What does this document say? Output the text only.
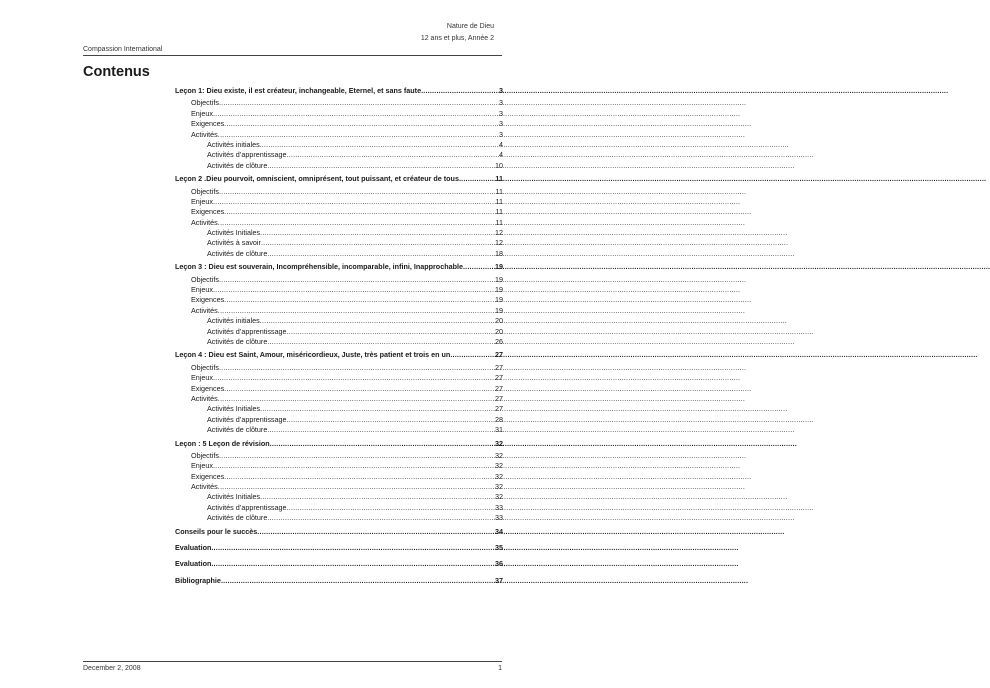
Nature de Dieu
12 ans et plus, Année 2
Compassion International
Contenus
Leçon 1: Dieu existe, il est créateur, inchangeable, Eternel, et sans faute .....	3
Objectifs .....	3
Enjeux .....	3
Exigences .....	3
Activités .....	3
Activités initiales. .....	4
Activités d’apprentissage .....	4
Activités de clôture .....	10
Leçon 2 .Dieu pourvoit, omniscient, omniprésent, tout puissant, et créateur de tous .....	11
Objectifs .....	11
Enjeux .....	11
Exigences .....	11
Activités .....	11
Activités Initiales .....	12
Activités à savoir .....	12
Activités de clôture .....	18
Leçon 3 : Dieu est souverain, Incompréhensible, incomparable, infini, Inapprochable .....	19
Objectifs .....	19
Enjeux .....	19
Exigences .....	19
Activités .....	19
Activités initiales .....	20
Activités d’apprentissage .....	20
Activités de clôture .....	26
Leçon 4 : Dieu est Saint, Amour, miséricordieux, Juste, très patient et trois en un .....	27
Objectifs .....	27
Enjeux .....	27
Exigences .....	27
Activités .....	27
Activités Initiales .....	27
Activités d’apprentissage .....	28
Activités de clôture .....	31
Leçon : 5 Leçon de révision .....	32
Objectifs .....	32
Enjeux .....	32
Exigences .....	32
Activités .....	32
Activités Initiales .....	32
Activités d’apprentissage .....	33
Activités de clôture .....	33
Conseils pour le succès .....	34
Evaluation .....	35
Evaluation .....	36
Bibliographie .....	37
December 2, 2008	1
